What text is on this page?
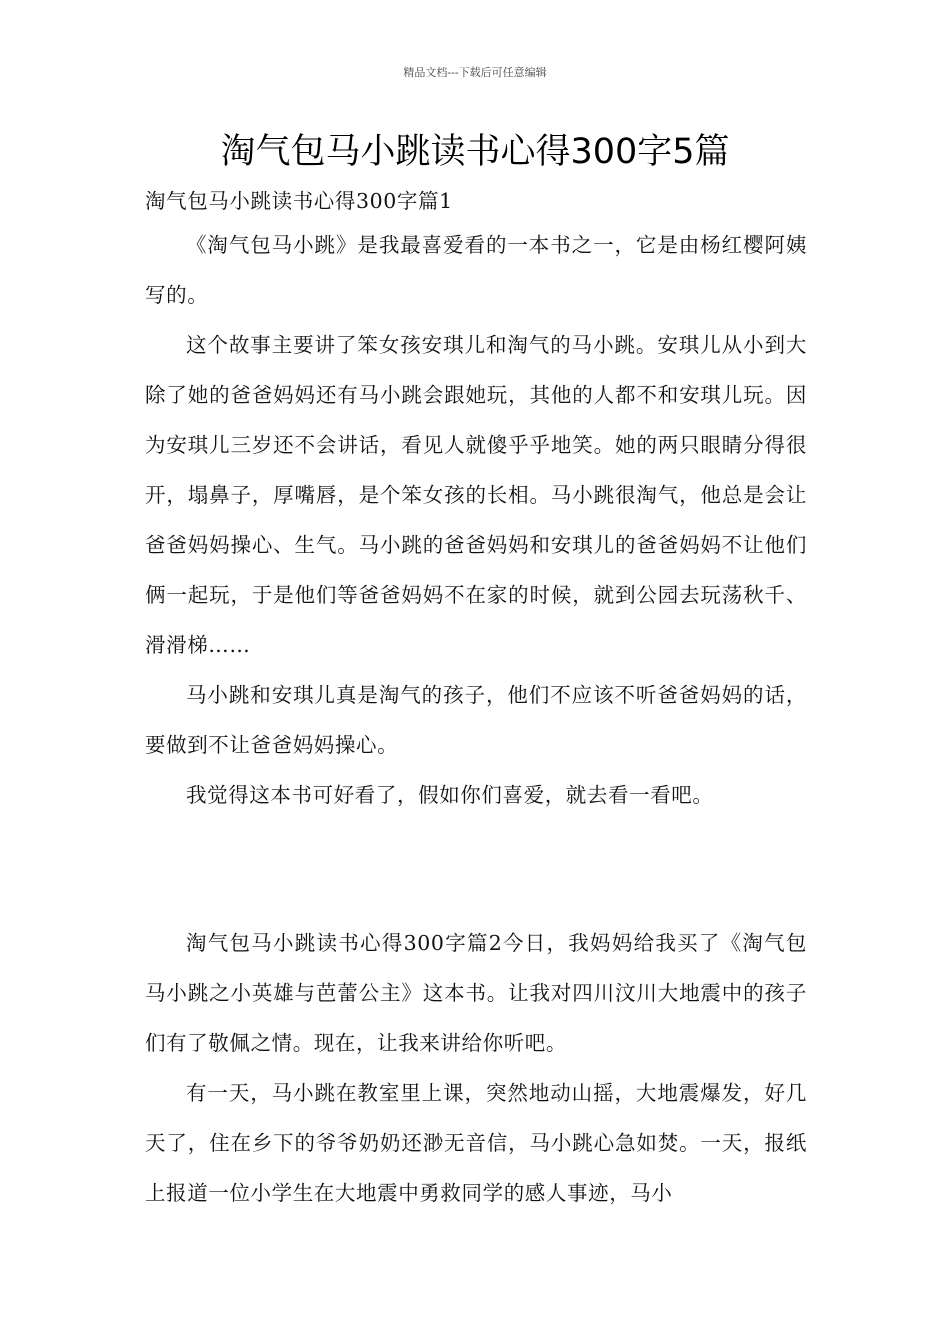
精品文档---下载后可任意编辑
淘气包马小跳读书心得300字5篇

淘气包马小跳读书心得300字篇1

《淘气包马小跳》是我最喜爱看的一本书之一，它是由杨红樱阿姨写的。

这个故事主要讲了笨女孩安琪儿和淘气的马小跳。安琪儿从小到大除了她的爸爸妈妈还有马小跳会跟她玩，其他的人都不和安琪儿玩。因为安琪儿三岁还不会讲话，看见人就傻乎乎地笑。她的两只眼睛分得很开，塌鼻子，厚嘴唇，是个笨女孩的长相。马小跳很淘气，他总是会让爸爸妈妈操心、生气。马小跳的爸爸妈妈和安琪儿的爸爸妈妈不让他们俩一起玩，于是他们等爸爸妈妈不在家的时候，就到公园去玩荡秋千、滑滑梯……

马小跳和安琪儿真是淘气的孩子，他们不应该不听爸爸妈妈的话，要做到不让爸爸妈妈操心。

我觉得这本书可好看了，假如你们喜爱，就去看一看吧。

淘气包马小跳读书心得300字篇2今日，我妈妈给我买了《淘气包马小跳之小英雄与芭蕾公主》这本书。让我对四川汶川大地震中的孩子们有了敬佩之情。现在，让我来讲给你听吧。

有一天，马小跳在教室里上课，突然地动山摇，大地震爆发，好几天了，住在乡下的爷爷奶奶还渺无音信，马小跳心急如焚。一天，报纸上报道一位小学生在大地震中勇救同学的感人事迹，马小
